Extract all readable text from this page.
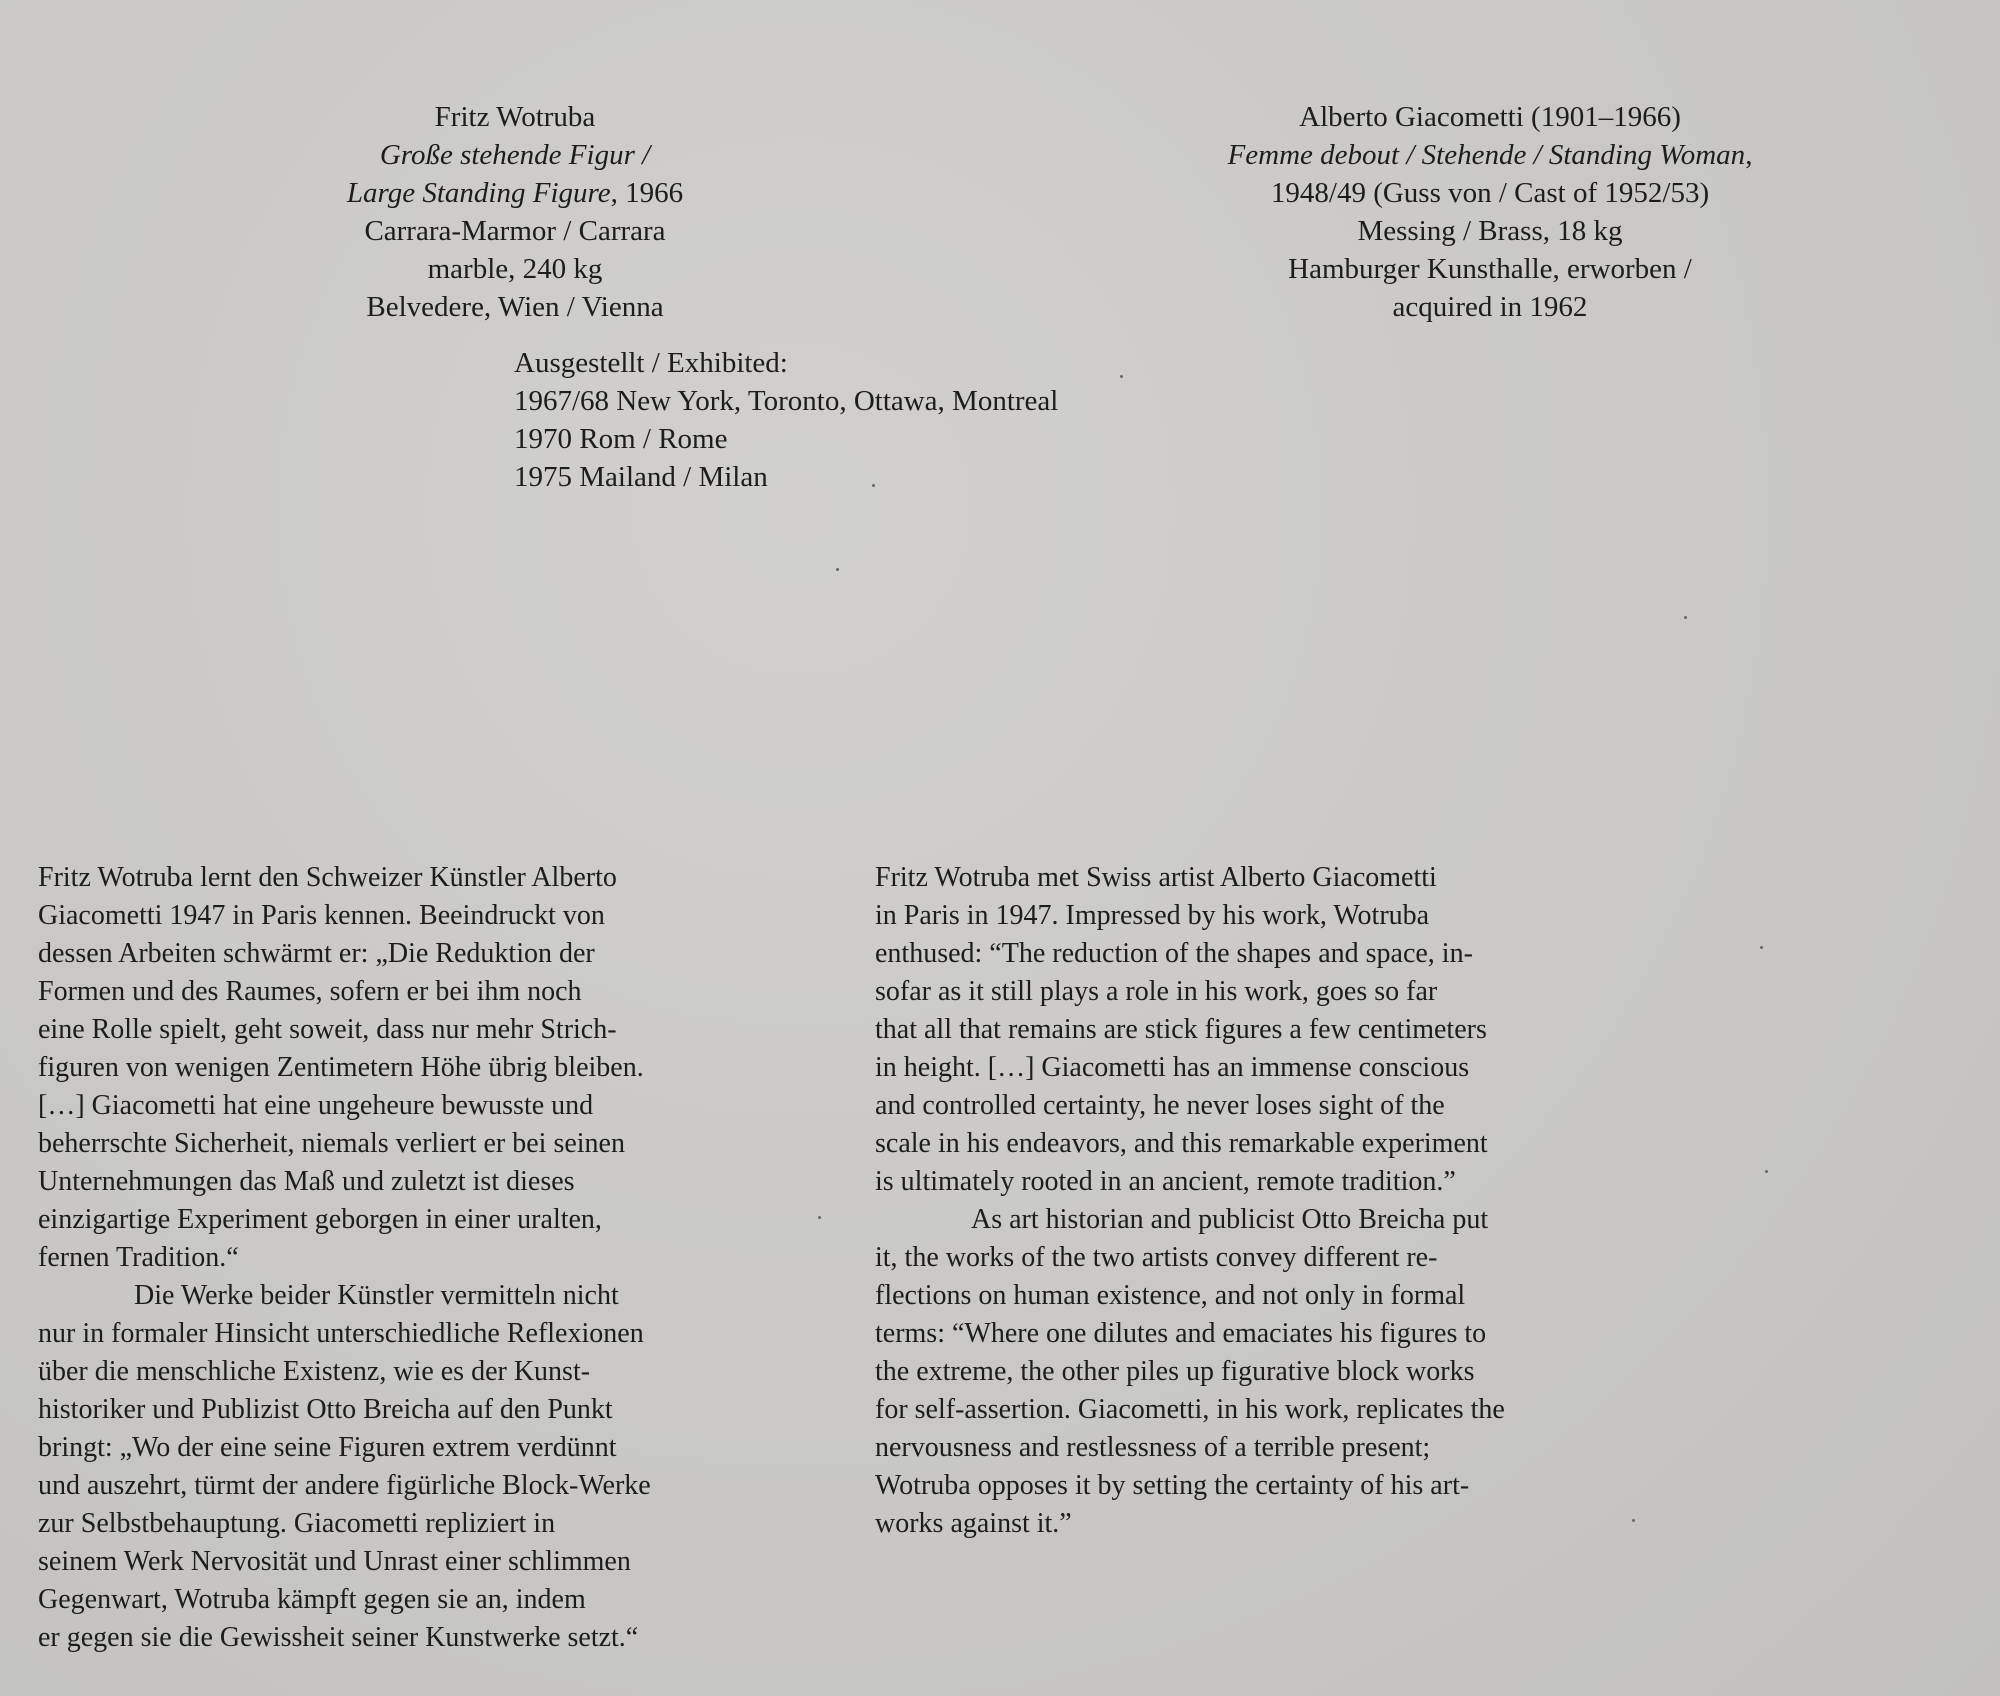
Fritz Wotruba
Große stehende Figur /
Large Standing Figure, 1966
Carrara-Marmor / Carrara
marble, 240 kg
Belvedere, Wien / Vienna
Alberto Giacometti (1901–1966)
Femme debout / Stehende / Standing Woman,
1948/49 (Guss von / Cast of 1952/53)
Messing / Brass, 18 kg
Hamburger Kunsthalle, erworben /
acquired in 1962
Ausgestellt / Exhibited:
1967/68 New York, Toronto, Ottawa, Montreal
1970 Rom / Rome
1975 Mailand / Milan
Fritz Wotruba lernt den Schweizer Künstler Alberto
Giacometti 1947 in Paris kennen. Beeindruckt von
dessen Arbeiten schwärmt er: „Die Reduktion der
Formen und des Raumes, sofern er bei ihm noch
eine Rolle spielt, geht soweit, dass nur mehr Strich-
figuren von wenigen Zentimetern Höhe übrig bleiben.
[…] Giacometti hat eine ungeheure bewusste und
beherrschte Sicherheit, niemals verliert er bei seinen
Unternehmungen das Maß und zuletzt ist dieses
einzigartige Experiment geborgen in einer uralten,
fernen Tradition.“
Die Werke beider Künstler vermitteln nicht
nur in formaler Hinsicht unterschiedliche Reflexionen
über die menschliche Existenz, wie es der Kunst-
historiker und Publizist Otto Breicha auf den Punkt
bringt: „Wo der eine seine Figuren extrem verdünnt
und auszehrt, türmt der andere figürliche Block-Werke
zur Selbstbehauptung. Giacometti repliziert in
seinem Werk Nervosität und Unrast einer schlimmen
Gegenwart, Wotruba kämpft gegen sie an, indem
er gegen sie die Gewissheit seiner Kunstwerke setzt.“
Fritz Wotruba met Swiss artist Alberto Giacometti
in Paris in 1947. Impressed by his work, Wotruba
enthused: “The reduction of the shapes and space, in-
sofar as it still plays a role in his work, goes so far
that all that remains are stick figures a few centimeters
in height. […] Giacometti has an immense conscious
and controlled certainty, he never loses sight of the
scale in his endeavors, and this remarkable experiment
is ultimately rooted in an ancient, remote tradition.”
As art historian and publicist Otto Breicha put
it, the works of the two artists convey different re-
flections on human existence, and not only in formal
terms: “Where one dilutes and emaciates his figures to
the extreme, the other piles up figurative block works
for self-assertion. Giacometti, in his work, replicates the
nervousness and restlessness of a terrible present;
Wotruba opposes it by setting the certainty of his art-
works against it.”
